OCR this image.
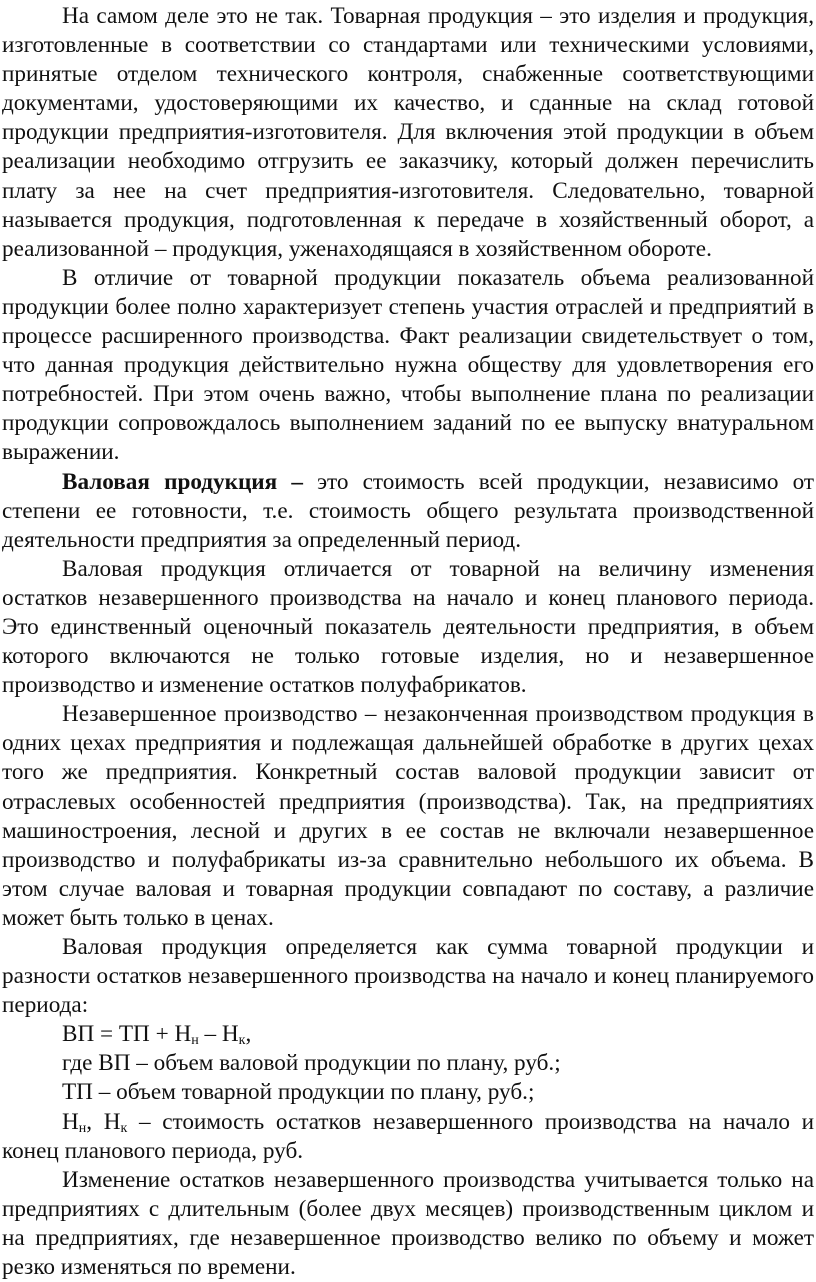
На самом деле это не так. Товарная продукция – это изделия и продукция, изготовленные в соответствии со стандартами или техническими условиями, принятые отделом технического контроля, снабженные соответствующими документами, удостоверяющими их качество, и сданные на склад готовой продукции предприятия-изготовителя. Для включения этой продукции в объем реализации необходимо отгрузить ее заказчику, который должен перечислить плату за нее на счет предприятия-изготовителя. Следовательно, товарной называется продукция, подготовленная к передаче в хозяйственный оборот, а реализованной – продукция, уженаходящаяся в хозяйственном обороте.

В отличие от товарной продукции показатель объема реализованной продукции более полно характеризует степень участия отраслей и предприятий в процессе расширенного производства. Факт реализации свидетельствует о том, что данная продукция действительно нужна обществу для удовлетворения его потребностей. При этом очень важно, чтобы выполнение плана по реализации продукции сопровождалось выполнением заданий по ее выпуску внатуральном выражении.

Валовая продукция – это стоимость всей продукции, независимо от степени ее готовности, т.е. стоимость общего результата производственной деятельности предприятия за определенный период.

Валовая продукция отличается от товарной на величину изменения остатков незавершенного производства на начало и конец планового периода. Это единственный оценочный показатель деятельности предприятия, в объем которого включаются не только готовые изделия, но и незавершенное производство и изменение остатков полуфабрикатов.

Незавершенное производство – незаконченная производством продукция в одних цехах предприятия и подлежащая дальнейшей обработке в других цехах того же предприятия. Конкретный состав валовой продукции зависит от отраслевых особенностей предприятия (производства). Так, на предприятиях машиностроения, лесной и других в ее состав не включали незавершенное производство и полуфабрикаты из-за сравнительно небольшого их объема. В этом случае валовая и товарная продукции совпадают по составу, а различие может быть только в ценах.

Валовая продукция определяется как сумма товарной продукции и разности остатков незавершенного производства на начало и конец планируемого периода:

ВП = ТП + $Н_н - Н_к$,

где ВП – объем валовой продукции по плану, руб.;

ТП – объем товарной продукции по плану, руб.;

$Н_н$, $Н_к$ – стоимость остатков незавершенного производства на начало и конец планового периода, руб.

Изменение остатков незавершенного производства учитывается только на предприятиях с длительным (более двух месяцев) производственным циклом и на предприятиях, где незавершенное производство велико по объему и может резко изменяться по времени.
